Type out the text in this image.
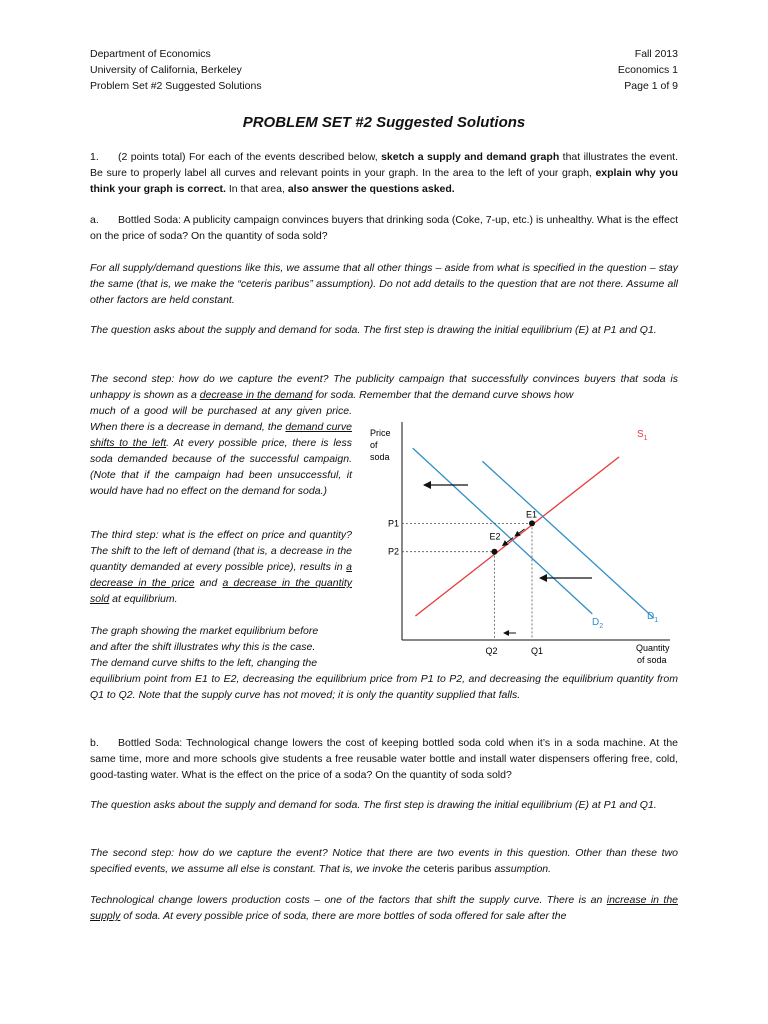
Department of Economics
University of California, Berkeley
Problem Set #2 Suggested Solutions
Fall 2013
Economics 1
Page 1 of 9
PROBLEM SET #2 Suggested Solutions

1. (2 points total) For each of the events described below, sketch a supply and demand graph that illustrates the event. Be sure to properly label all curves and relevant points in your graph. In the area to the left of your graph, explain why you think your graph is correct. In that area, also answer the questions asked.

a. Bottled Soda: A publicity campaign convinces buyers that drinking soda (Coke, 7-up, etc.) is unhealthy. What is the effect on the price of soda? On the quantity of soda sold?

For all supply/demand questions like this, we assume that all other things – aside from what is specified in the question – stay the same (that is, we make the “ceteris paribus” assumption). Do not add details to the question that are not there. Assume all other factors are held constant.

The question asks about the supply and demand for soda. The first step is drawing the initial equilibrium (E) at P1 and Q1.

The second step: how do we capture the event? The publicity campaign that successfully convinces buyers that soda is unhappy is shown as a decrease in the demand for soda. Remember that the demand curve shows how

much of a good will be purchased at any given price. When there is a decrease in demand, the demand curve shifts to the left. At every possible price, there is less soda demanded because of the successful campaign. (Note that if the campaign had been unsuccessful, it would have had no effect on the demand for soda.)

The third step: what is the effect on price and quantity? The shift to the left of demand (that is, a decrease in the quantity demanded at every possible price), results in a decrease in the price and a decrease in the quantity sold at equilibrium.

The graph showing the market equilibrium before
and after the shift illustrates why this is the case.
The demand curve shifts to the left, changing the

equilibrium point from E1 to E2, decreasing the equilibrium price from P1 to P2, and decreasing the equilibrium quantity from Q1 to Q2. Note that the supply curve has not moved; it is only the quantity supplied that falls.

b. Bottled Soda: Technological change lowers the cost of keeping bottled soda cold when it’s in a soda machine. At the same time, more and more schools give students a free reusable water bottle and install water dispensers offering free, cold, good-tasting water. What is the effect on the price of a soda? On the quantity of soda sold?

The question asks about the supply and demand for soda. The first step is drawing the initial equilibrium (E) at P1 and Q1.

The second step: how do we capture the event? Notice that there are two events in this question. Other than these two specified events, we assume all else is constant. That is, we invoke the ceteris paribus assumption.

Technological change lowers production costs – one of the factors that shift the supply curve. There is an increase in the supply of soda. At every possible price of soda, there are more bottles of soda offered for sale after the

Price
of
soda
Quantity
of soda
$S_1$
$D_1$
$D_2$
E1
E2
P1
P2
Q1
Q2
